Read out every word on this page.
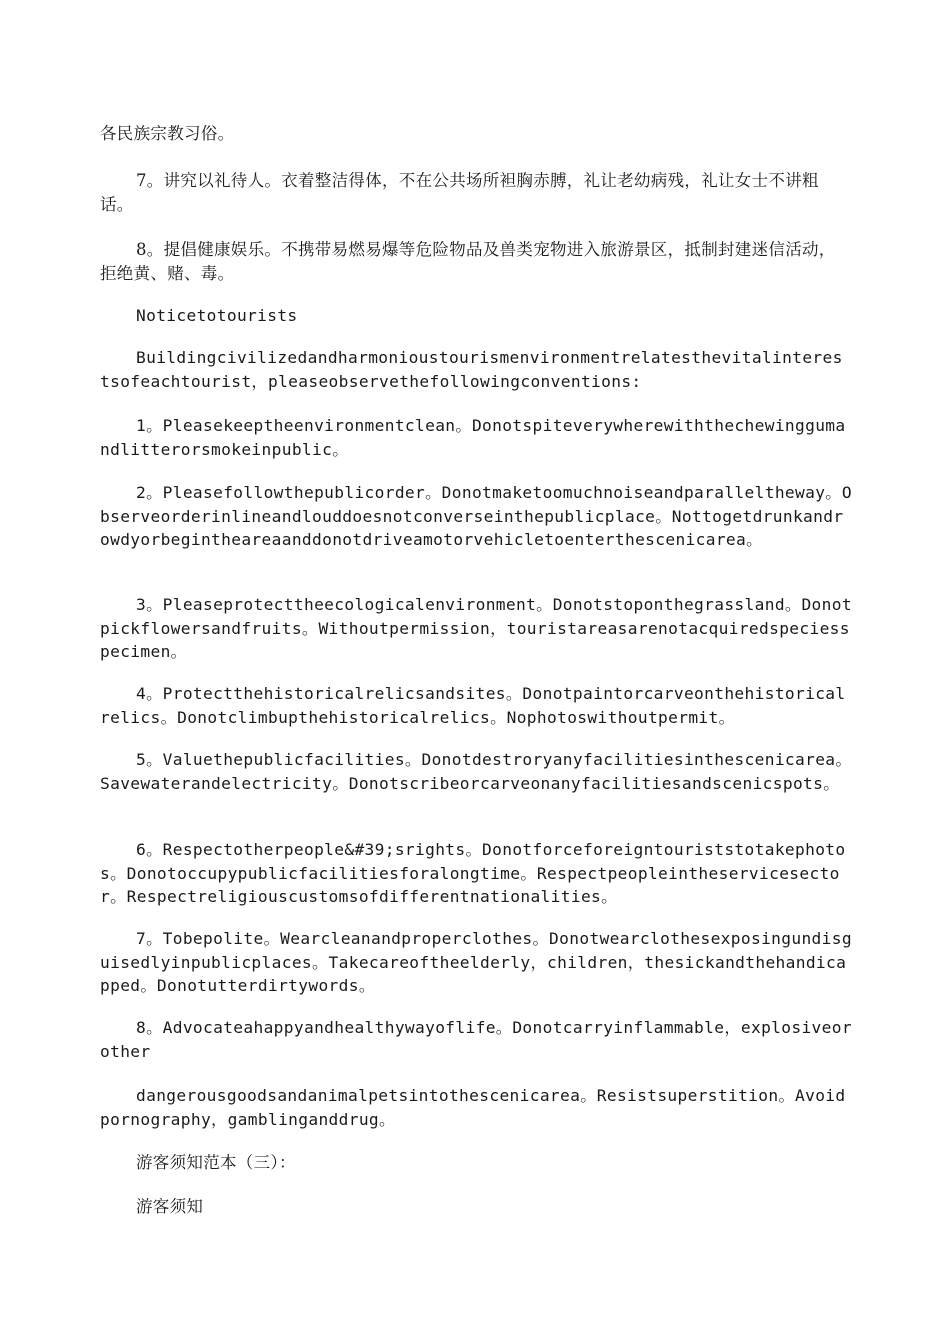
各民族宗教习俗。

7。讲究以礼待人。衣着整洁得体，不在公共场所袒胸赤膊，礼让老幼病残，礼让女士不讲粗话。

8。提倡健康娱乐。不携带易燃易爆等危险物品及兽类宠物进入旅游景区，抵制封建迷信活动，拒绝黄、赌、毒。

Noticetotourists

Buildingcivilizedandharmonioustourismenvironmentrelatesthevitalinterestsofeachtourist，pleaseobservethefollowingconventions:

1。Pleasekeeptheenvironmentclean。Donotspiteverywherewiththechewinggumandlitterorsmokeinpublic。

2。Pleasefollowthepublicorder。Donotmaketoomuchnoiseandparalleltheway。Observeorderinlineandlouddoesnotconverseinthepublicplace。Nottogetdrunkandrowdyorbegintheareaanddonotdriveamotorvehicletoenterthescenicarea。

3。Pleaseprotecttheecologicalenvironment。Donotstoponthegrassland。Donotpickflowersandfruits。Withoutpermission，touristareasarenotacquiredspeciesspecimen。

4。Protectthehistoricalrelicsandsites。Donotpaintorcarveonthehistoricalrelics。Donotclimbupthehistoricalrelics。Nophotoswithoutpermit。

5。Valuethepublicfacilities。Donotdestroryanyfacilitiesinthescenicarea。Savewaterandelectricity。Donotscribeorcarveonanyfacilitiesandscenicspots。

6。Respectotherpeople&#39;srights。Donotforceforeigntouriststotakephotos。Donotoccupypublicfacilitiesforalongtime。Respectpeopleintheservicesector。Respectreligiouscustomsofdifferentnationalities。

7。Tobepolite。Wearcleanandproperclothes。Donotwearclothesexposingundisguisedlyinpublicplaces。Takecareoftheelderly，children，thesickandthehandicapped。Donotutterdirtywords。

8。Advocateahappyandhealthywayoflife。Donotcarryinflammable，explosiveorother

dangerousgoodsandanimalpetsintothescenicarea。Resistsuperstition。Avoidpornography，gamblinganddrug。

游客须知范本（三）：

游客须知
